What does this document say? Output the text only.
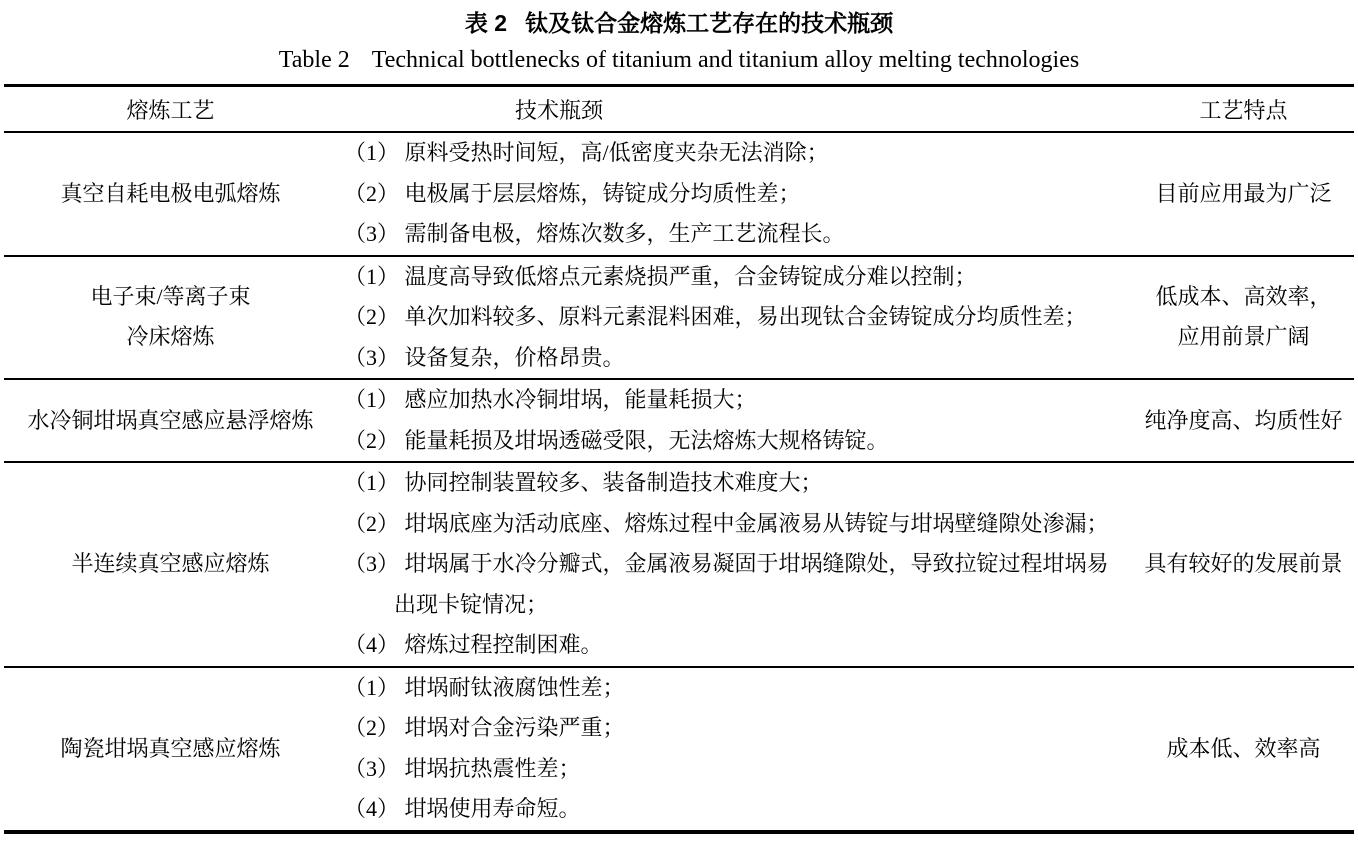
表 2 钛及钛合金熔炼工艺存在的技术瓶颈
Table 2 Technical bottlenecks of titanium and titanium alloy melting technologies
熔炼工艺	技术瓶颈	工艺特点
真空自耗电极电弧熔炼
（1） 原料受热时间短，高/低密度夹杂无法消除；
（2） 电极属于层层熔炼，铸锭成分均质性差；
（3） 需制备电极，熔炼次数多，生产工艺流程长。
目前应用最为广泛
电子束/等离子束
冷床熔炼
（1） 温度高导致低熔点元素烧损严重，合金铸锭成分难以控制；
（2） 单次加料较多、原料元素混料困难，易出现钛合金铸锭成分均质性差；
（3） 设备复杂，价格昂贵。
低成本、高效率，
应用前景广阔
水冷铜坩埚真空感应悬浮熔炼
（1） 感应加热水冷铜坩埚，能量耗损大；
（2） 能量耗损及坩埚透磁受限，无法熔炼大规格铸锭。
纯净度高、均质性好
半连续真空感应熔炼
（1） 协同控制装置较多、装备制造技术难度大；
（2） 坩埚底座为活动底座、熔炼过程中金属液易从铸锭与坩埚壁缝隙处渗漏；
（3） 坩埚属于水冷分瓣式，金属液易凝固于坩埚缝隙处，导致拉锭过程坩埚易出现卡锭情况；
（4） 熔炼过程控制困难。
具有较好的发展前景
陶瓷坩埚真空感应熔炼
（1） 坩埚耐钛液腐蚀性差；
（2） 坩埚对合金污染严重；
（3） 坩埚抗热震性差；
（4） 坩埚使用寿命短。
成本低、效率高
